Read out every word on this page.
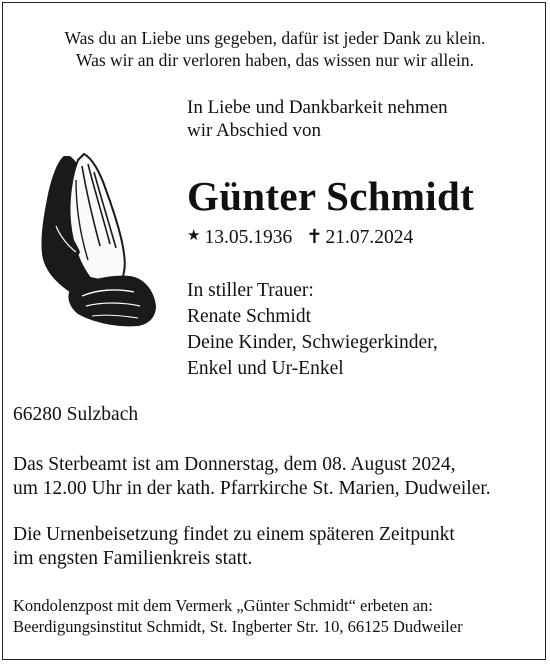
Was du an Liebe uns gegeben, dafür ist jeder Dank zu klein.
Was wir an dir verloren haben, das wissen nur wir allein.
In Liebe und Dankbarkeit nehmen
wir Abschied von
Günter Schmidt
★ 13.05.1936 ✝ 21.07.2024
In stiller Trauer:
Renate Schmidt
Deine Kinder, Schwiegerkinder,
Enkel und Ur-Enkel
66280 Sulzbach
Das Sterbeamt ist am Donnerstag, dem 08. August 2024,
um 12.00 Uhr in der kath. Pfarrkirche St. Marien, Dudweiler.
Die Urnenbeisetzung findet zu einem späteren Zeitpunkt
im engsten Familienkreis statt.
Kondolenzpost mit dem Vermerk „Günter Schmidt“ erbeten an:
Beerdigungsinstitut Schmidt, St. Ingberter Str. 10, 66125 Dudweiler
